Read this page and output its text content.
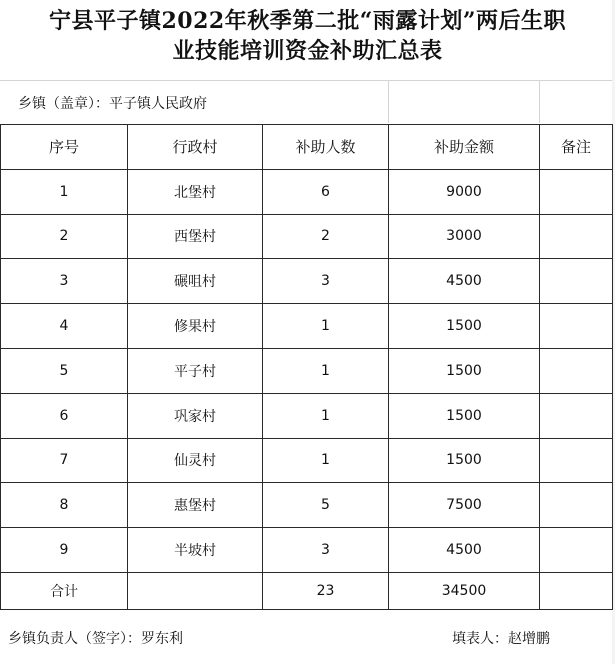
宁县平子镇2022年秋季第二批“雨露计划”两后生职
业技能培训资金补助汇总表
乡镇（盖章）：平子镇人民政府
序号	行政村	补助人数	补助金额	备注
1	北堡村	6	9000	
2	西堡村	2	3000	
3	碾咀村	3	4500	
4	修果村	1	1500	
5	平子村	1	1500	
6	巩家村	1	1500	
7	仙灵村	1	1500	
8	惠堡村	5	7500	
9	半坡村	3	4500	
合计		23	34500	
乡镇负责人（签字）：罗东利	填表人：赵增鹏
